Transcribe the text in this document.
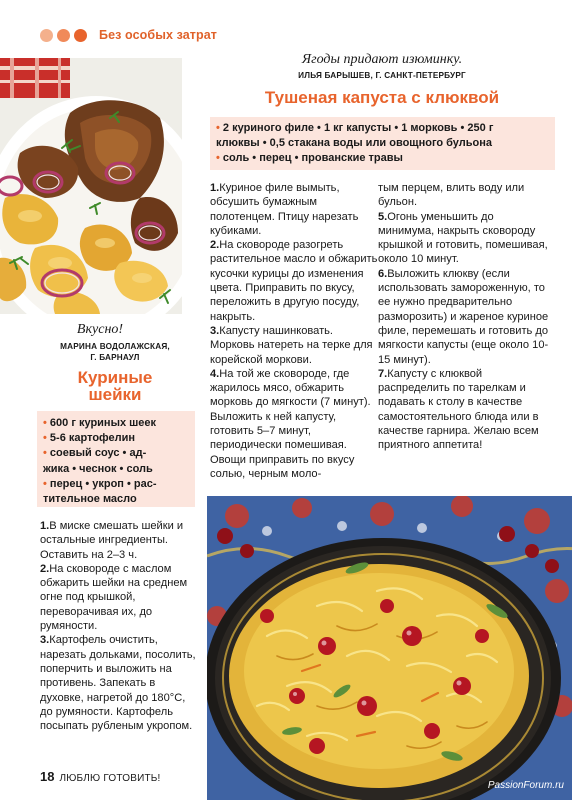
Без особых затрат
Вкусно!
МАРИНА ВОДОЛАЖСКАЯ,
Г. БАРНАУЛ
Куриные
шейки
• 600 г куриных шеек
• 5-6 картофелин
• соевый соус • ад-
жика • чеснок • соль
• перец • укроп • рас-
тительное масло

1.В миске смешать шейки и остальные ингредиенты. Оставить на 2–3 ч.

2.На сковороде с маслом обжарить шейки на среднем огне под крышкой, переворачивая их, до румяности.

3.Картофель очистить, нарезать дольками, посолить, поперчить и выложить на противень. Запекать в духовке, нагретой до 180°C, до румяности. Картофель посыпать рубленым укропом.

Ягоды придают изюминку.
ИЛЬЯ БАРЫШЕВ, Г. САНКТ-ПЕТЕРБУРГ
Тушеная капуста с клюквой
• 2 куриного филе • 1 кг капусты • 1 морковь • 250 г
клюквы • 0,5 стакана воды или овощного бульона
• соль • перец • прованские травы

1.Куриное филе вымыть, обсушить бумажным полотенцем. Птицу нарезать кубиками.

2.На сковороде разогреть растительное масло и обжарить кусочки курицы до изменения цвета. Приправить по вкусу, переложить в другую посуду, накрыть.

3.Капусту нашинковать. Морковь натереть на терке для корейской моркови.

4.На той же сковороде, где жарилось мясо, обжарить морковь до мягкости (7 минут). Выложить к ней капусту, готовить 5–7 минут, периодически помешивая. Овощи приправить по вкусу солью, черным моло-

тым перцем, влить воду или бульон.

5.Огонь уменьшить до минимума, накрыть сковороду крышкой и готовить, помешивая, около 10 минут.

6.Выложить клюкву (если использовать замороженную, то ее нужно предварительно разморозить) и жареное куриное филе, перемешать и готовить до мягкости капусты (еще около 10-15 минут).

7.Капусту с клюквой распределить по тарелкам и подавать к столу в качестве самостоятельного блюда или в качестве гарнира. Желаю всем приятного аппетита!

18 ЛЮБЛЮ ГОТОВИТЬ!
PassionForum.ru
